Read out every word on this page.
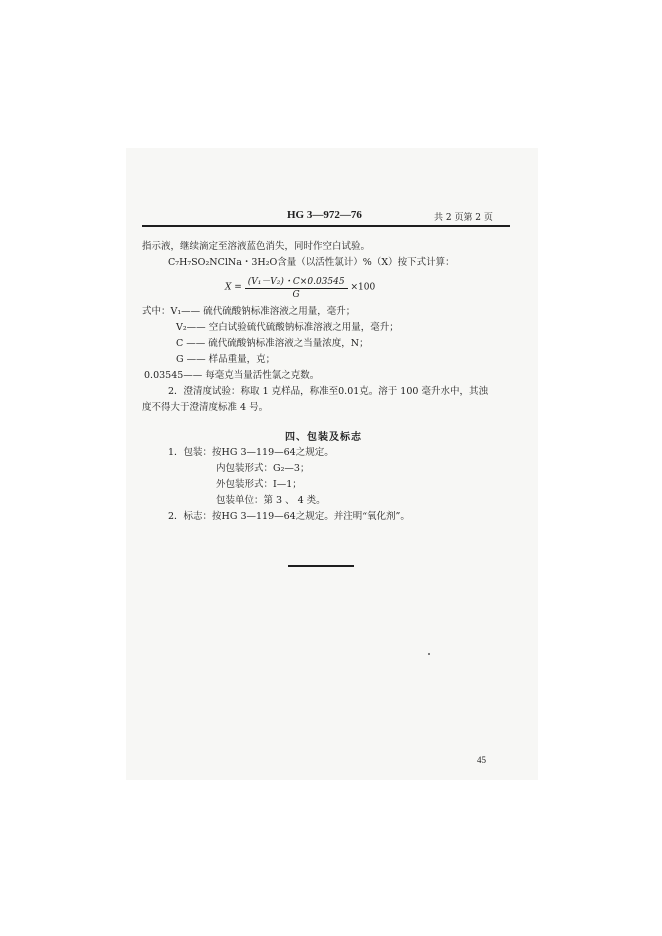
HG 3—972—76	共 2 页第 2 页
指示液，继续滴定至溶液蓝色消失，同时作空白试验。
C₇H₇SO₂NClNa・3H₂O含量（以活性氯计）%（X）按下式计算：
$X = \frac{\text{(V₁－V₂)・C×0.03545}}{G} \times 100$
式中：V₁—— 硫代硫酸钠标准溶液之用量，毫升；
V₂—— 空白试验硫代硫酸钠标准溶液之用量，毫升；
C —— 硫代硫酸钠标准溶液之当量浓度，N；
G —— 样品重量，克；
0.03545—— 每毫克当量活性氯之克数。
2．澄清度试验：称取 1 克样品，称准至0.01克。溶于 100 毫升水中，其浊
度不得大于澄清度标准 4 号。
四、包装及标志
1．包装：按HG 3—119—64之规定。
内包装形式：G₂—3；
外包装形式：Ⅰ—1；
包装单位：第 3 、 4 类。
2．标志：按HG 3—119—64之规定。并注明“氧化剂”。
45
